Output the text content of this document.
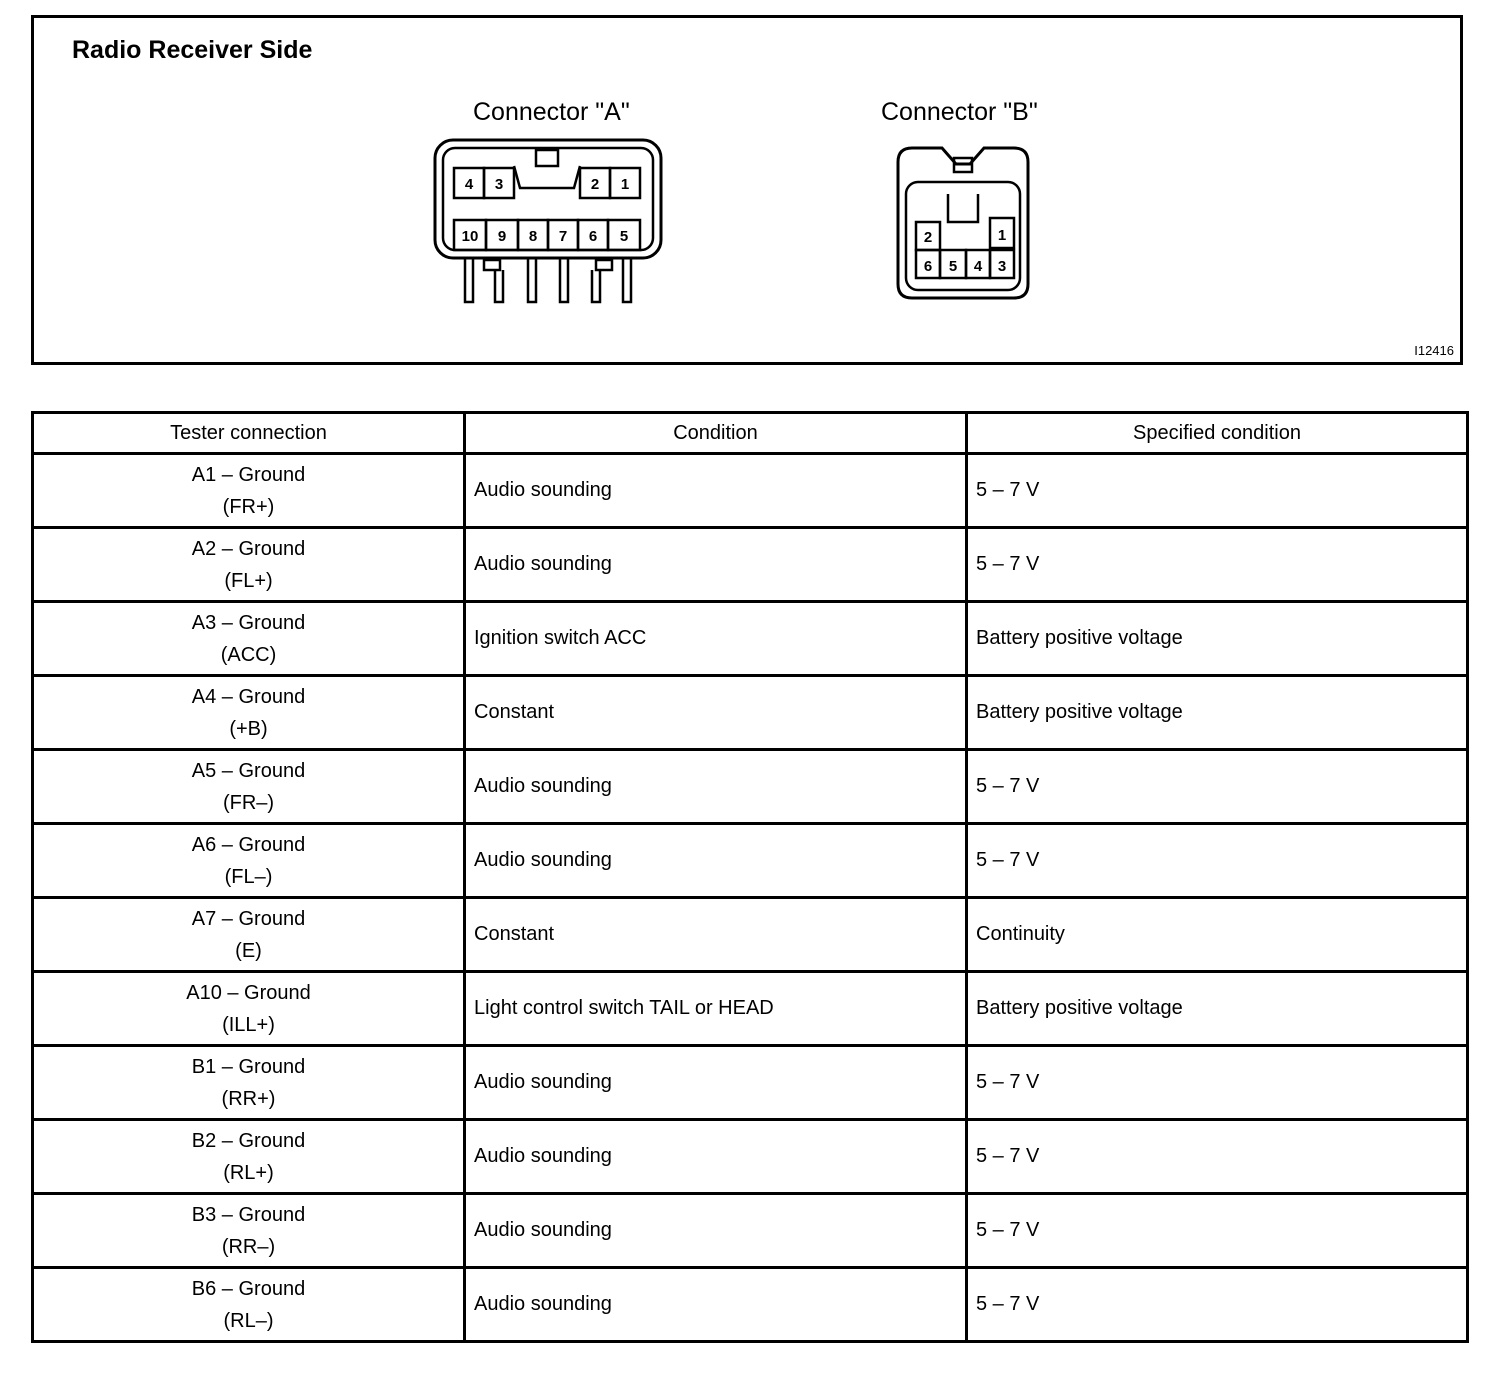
Radio Receiver Side
Connector "A"	Connector "B"
4 3	2 1
10 9 8 7 6 5	2	1
6 5 4 3
I12416
Tester connection	Condition	Specified condition

A1 – Ground
(FR+)	Audio sounding	5 – 7 V

A2 – Ground
(FL+)	Audio sounding	5 – 7 V

A3 – Ground
(ACC)	Ignition switch ACC	Battery positive voltage

A4 – Ground
(+B)	Constant	Battery positive voltage

A5 – Ground
(FR–)	Audio sounding	5 – 7 V

A6 – Ground
(FL–)	Audio sounding	5 – 7 V

A7 – Ground
(E)	Constant	Continuity

A10 – Ground
(ILL+)	Light control switch TAIL or HEAD	Battery positive voltage

B1 – Ground
(RR+)	Audio sounding	5 – 7 V

B2 – Ground
(RL+)	Audio sounding	5 – 7 V

B3 – Ground
(RR–)	Audio sounding	5 – 7 V

B6 – Ground
(RL–)	Audio sounding	5 – 7 V
